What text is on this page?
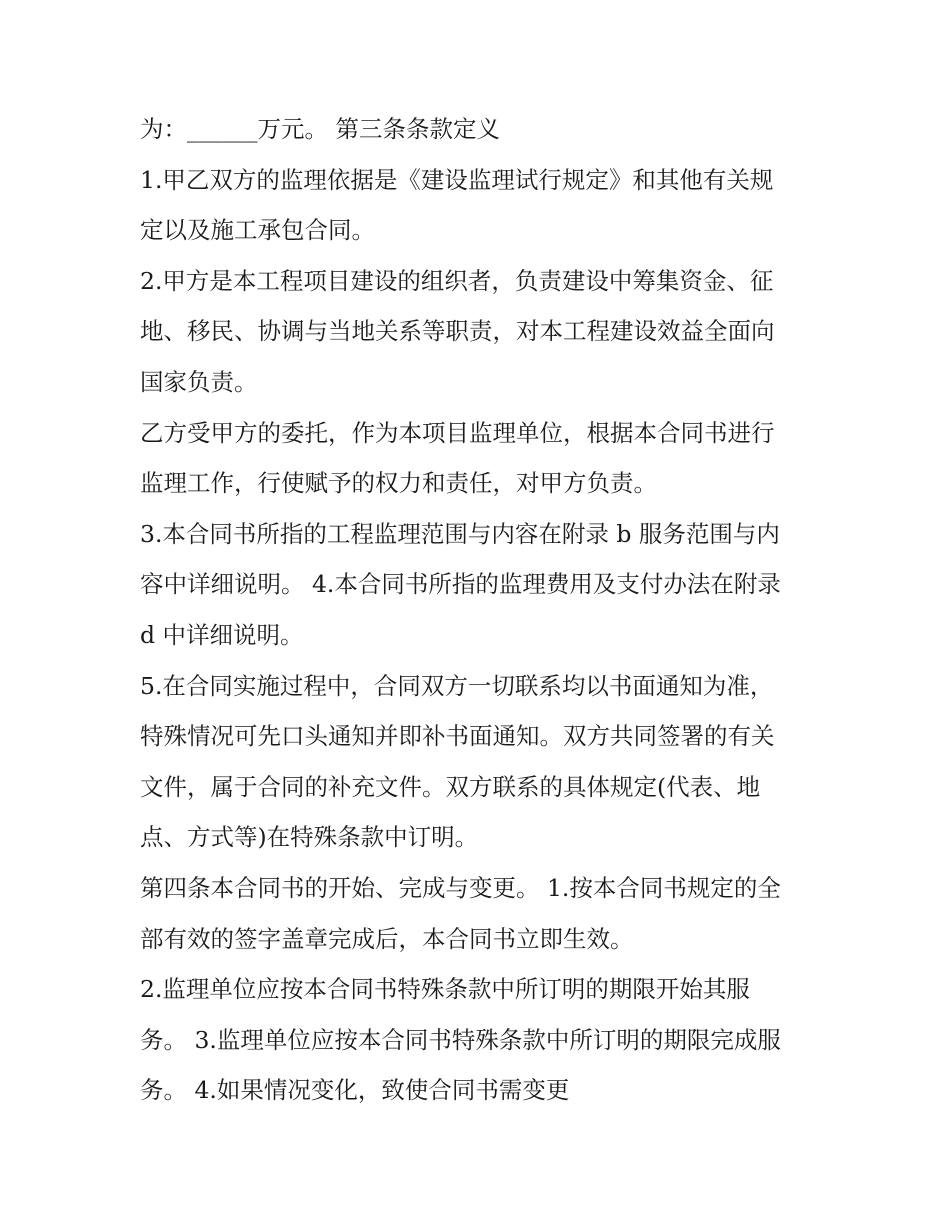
为：______万元。 第三条条款定义
1.甲乙双方的监理依据是《建设监理试行规定》和其他有关规
定以及施工承包合同。
2.甲方是本工程项目建设的组织者，负责建设中筹集资金、征
地、移民、协调与当地关系等职责，对本工程建设效益全面向
国家负责。
乙方受甲方的委托，作为本项目监理单位，根据本合同书进行
监理工作，行使赋予的权力和责任，对甲方负责。
3.本合同书所指的工程监理范围与内容在附录 b 服务范围与内
容中详细说明。 4.本合同书所指的监理费用及支付办法在附录
d 中详细说明。
5.在合同实施过程中，合同双方一切联系均以书面通知为准，
特殊情况可先口头通知并即补书面通知。双方共同签署的有关
文件，属于合同的补充文件。双方联系的具体规定(代表、地
点、方式等)在特殊条款中订明。
第四条本合同书的开始、完成与变更。 1.按本合同书规定的全
部有效的签字盖章完成后，本合同书立即生效。
2.监理单位应按本合同书特殊条款中所订明的期限开始其服
务。 3.监理单位应按本合同书特殊条款中所订明的期限完成服
务。 4.如果情况变化，致使合同书需变更
